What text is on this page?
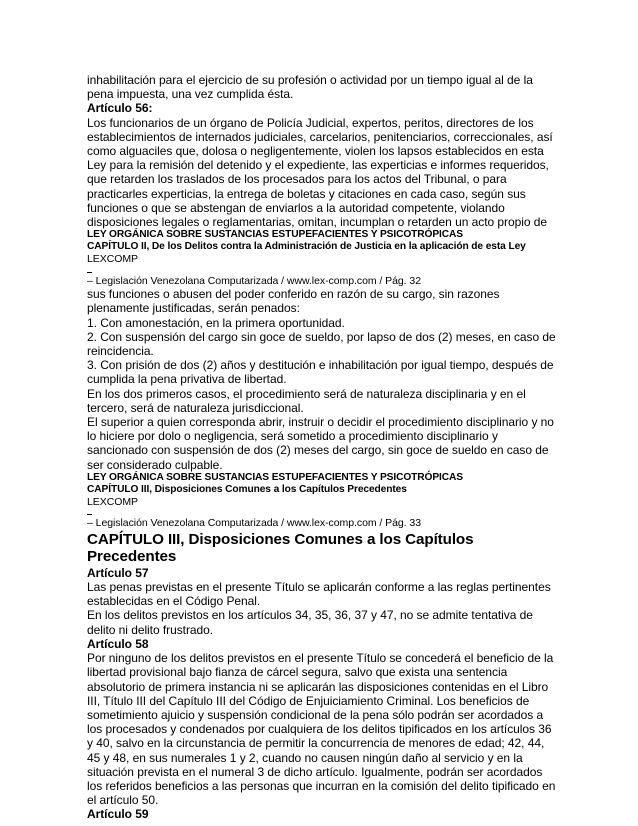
inhabilitación para el ejercicio de su profesión o actividad por un tiempo igual al de la pena impuesta, una vez cumplida ésta.

Artículo 56:

Los funcionarios de un órgano de Policía Judicial, expertos, peritos, directores de los establecimientos de internados judiciales, carcelarios, penitenciarios, correccionales, así como alguaciles que, dolosa o negligentemente, violen los lapsos establecidos en esta Ley para la remisión del detenido y el expediente, las experticias e informes requeridos, que retarden los traslados de los procesados para los actos del Tribunal, o para practicarles experticias, la entrega de boletas y citaciones en cada caso, según sus funciones o que se abstengan de enviarlos a la autoridad competente, violando disposiciones legales o reglamentarias, omitan, incumplan o retarden un acto propio de

LEY ORGÁNICA SOBRE SUSTANCIAS ESTUPEFACIENTES Y PSICOTRÓPICAS

CAPÍTULO II, De los Delitos contra la Administración de Justicia en la aplicación de esta Ley

LEXCOMP

– Legislación Venezolana Computarizada / www.lex-comp.com / Pág. 32

sus funciones o abusen del poder conferido en razón de su cargo, sin razones plenamente justificadas, serán penados:

1. Con amonestación, en la primera oportunidad.

2. Con suspensión del cargo sin goce de sueldo, por lapso de dos (2) meses, en caso de reincidencia.

3. Con prisión de dos (2) años y destitución e inhabilitación por igual tiempo, después de cumplida la pena privativa de libertad.

En los dos primeros casos, el procedimiento será de naturaleza disciplinaria y en el tercero, será de naturaleza jurisdiccional.

El superior a quien corresponda abrir, instruir o decidir el procedimiento disciplinario y no lo hiciere por dolo o negligencia, será sometido a procedimiento disciplinario y sancionado con suspensión de dos (2) meses del cargo, sin goce de sueldo en caso de ser considerado culpable.

LEY ORGÁNICA SOBRE SUSTANCIAS ESTUPEFACIENTES Y PSICOTRÓPICAS

CAPÍTULO III, Disposiciones Comunes a los Capítulos Precedentes

LEXCOMP

– Legislación Venezolana Computarizada / www.lex-comp.com / Pág. 33

CAPÍTULO III, Disposiciones Comunes a los Capítulos Precedentes

Artículo 57

Las penas previstas en el presente Título se aplicarán conforme a las reglas pertinentes establecidas en el Código Penal.

En los delitos previstos en los artículos 34, 35, 36, 37 y 47, no se admite tentativa de delito ni delito frustrado.

Artículo 58

Por ninguno de los delitos previstos en el presente Título se concederá el beneficio de la libertad provisional bajo fianza de cárcel segura, salvo que exista una sentencia absolutorio de primera instancia ni se aplicarán las disposiciones contenidas en el Libro III, Título III del Capítulo III del Código de Enjuiciamiento Criminal. Los beneficios de sometimiento ajuicio y suspensión condicional de la pena sólo podrán ser acordados a los procesados y condenados por cualquiera de los delitos tipificados en los artículos 36 y 40, salvo en la circunstancia de permitir la concurrencia de menores de edad; 42, 44, 45 y 48, en sus numerales 1 y 2, cuando no causen ningún daño al servicio y en la situación prevista en el numeral 3 de dicho artículo. Igualmente, podrán ser acordados los referidos beneficios a las personas que incurran en la comisión del delito tipificado en el artículo 50.

Artículo 59
